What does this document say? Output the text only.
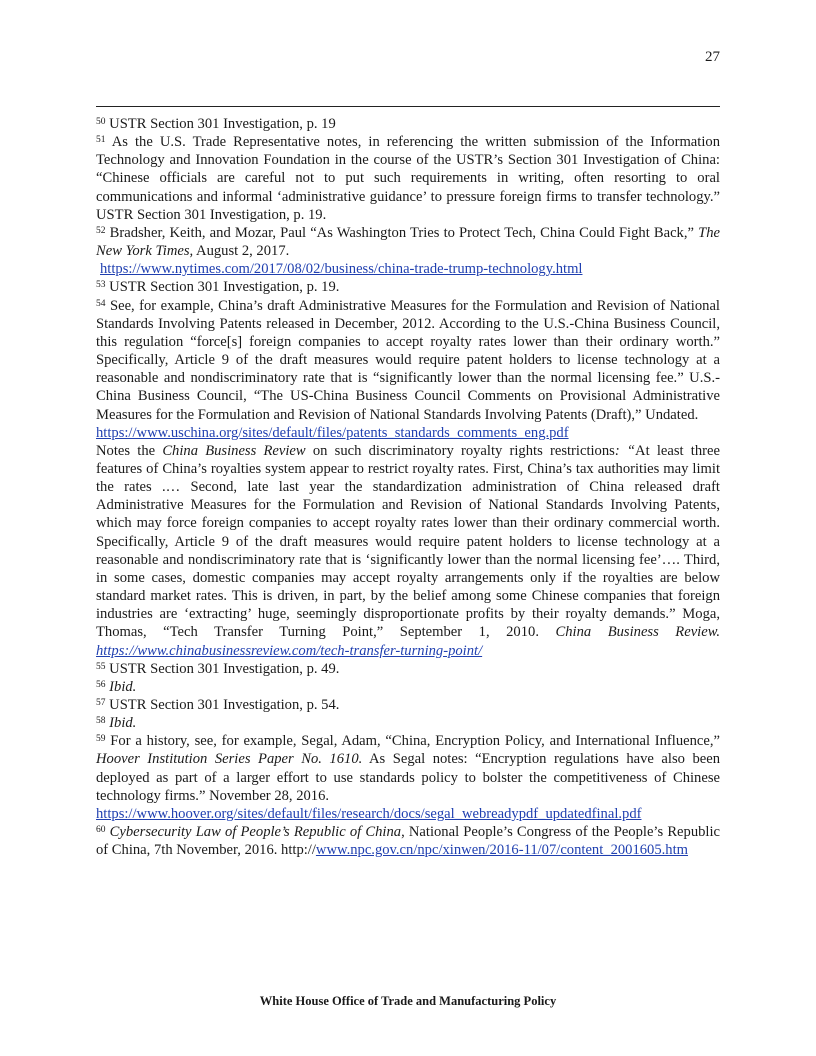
27

$^{50}$ USTR Section 301 Investigation, p. 19

$^{51}$ As the U.S. Trade Representative notes, in referencing the written submission of the Information Technology and Innovation Foundation in the course of the USTR’s Section 301 Investigation of China: “Chinese officials are careful not to put such requirements in writing, often resorting to oral communications and informal ‘administrative guidance’ to pressure foreign firms to transfer technology.” USTR Section 301 Investigation, p. 19.

$^{52}$ Bradsher, Keith, and Mozar, Paul “As Washington Tries to Protect Tech, China Could Fight Back,” The New York Times, August 2, 2017.
https://www.nytimes.com/2017/08/02/business/china-trade-trump-technology.html

$^{53}$ USTR Section 301 Investigation, p. 19.

$^{54}$ See, for example, China’s draft Administrative Measures for the Formulation and Revision of National Standards Involving Patents released in December, 2012. According to the U.S.-China Business Council, this regulation “force[s] foreign companies to accept royalty rates lower than their ordinary worth.” Specifically, Article 9 of the draft measures would require patent holders to license technology at a reasonable and nondiscriminatory rate that is “significantly lower than the normal licensing fee.” U.S.-China Business Council, “The US-China Business Council Comments on Provisional Administrative Measures for the Formulation and Revision of National Standards Involving Patents (Draft),” Undated.
https://www.uschina.org/sites/default/files/patents_standards_comments_eng.pdf
Notes the China Business Review on such discriminatory royalty rights restrictions: “At least three features of China’s royalties system appear to restrict royalty rates. First, China’s tax authorities may limit the rates .… Second, late last year the standardization administration of China released draft Administrative Measures for the Formulation and Revision of National Standards Involving Patents, which may force foreign companies to accept royalty rates lower than their ordinary commercial worth. Specifically, Article 9 of the draft measures would require patent holders to license technology at a reasonable and nondiscriminatory rate that is ‘significantly lower than the normal licensing fee’…. Third, in some cases, domestic companies may accept royalty arrangements only if the royalties are below standard market rates. This is driven, in part, by the belief among some Chinese companies that foreign industries are ‘extracting’ huge, seemingly disproportionate profits by their royalty demands.” Moga, Thomas, “Tech Transfer Turning Point,” September 1, 2010. China Business Review. https://www.chinabusinessreview.com/tech-transfer-turning-point/

$^{55}$ USTR Section 301 Investigation, p. 49.

$^{56}$ Ibid.

$^{57}$ USTR Section 301 Investigation, p. 54.

$^{58}$ Ibid.

$^{59}$ For a history, see, for example, Segal, Adam, “China, Encryption Policy, and International Influence,” Hoover Institution Series Paper No. 1610. As Segal notes: “Encryption regulations have also been deployed as part of a larger effort to use standards policy to bolster the competitiveness of Chinese technology firms.” November 28, 2016.
https://www.hoover.org/sites/default/files/research/docs/segal_webreadypdf_updatedfinal.pdf

$^{60}$ Cybersecurity Law of People’s Republic of China, National People’s Congress of the People’s Republic of China, 7th November, 2016. http://www.npc.gov.cn/npc/xinwen/2016-11/07/content_2001605.htm

White House Office of Trade and Manufacturing Policy
